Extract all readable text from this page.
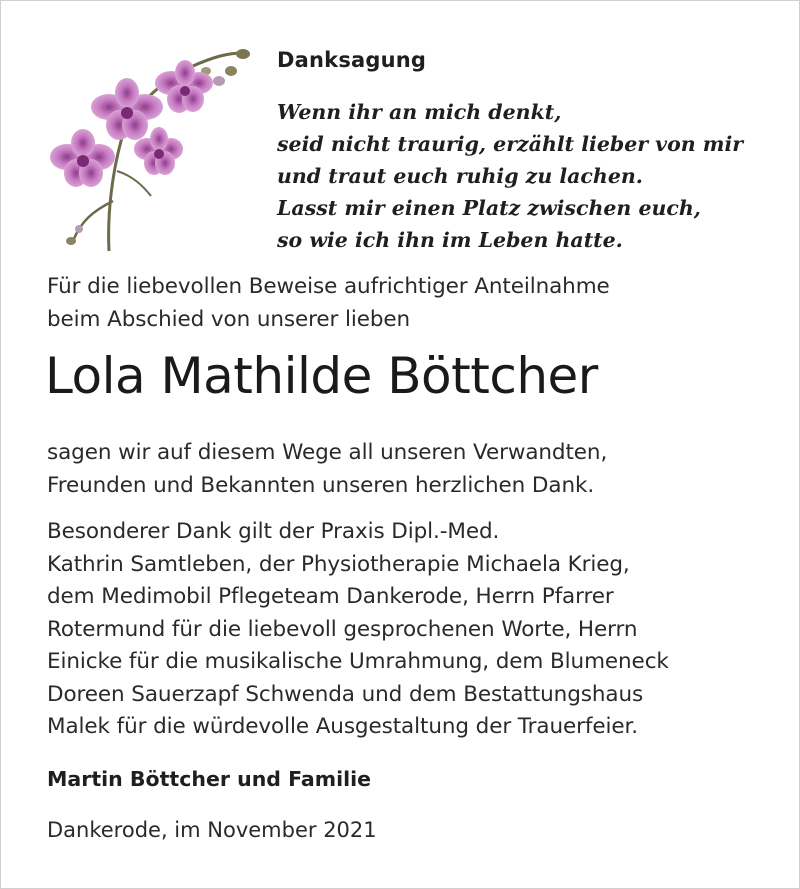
Danksagung
Wenn ihr an mich denkt,
seid nicht traurig, erzählt lieber von mir
und traut euch ruhig zu lachen.
Lasst mir einen Platz zwischen euch,
so wie ich ihn im Leben hatte.
Für die liebevollen Beweise aufrichtiger Anteilnahme
beim Abschied von unserer lieben
Lola Mathilde Böttcher
sagen wir auf diesem Wege all unseren Verwandten,
Freunden und Bekannten unseren herzlichen Dank.
Besonderer Dank gilt der Praxis Dipl.-Med.
Kathrin Samtleben, der Physiotherapie Michaela Krieg,
dem Medimobil Pflegeteam Dankerode, Herrn Pfarrer
Rotermund für die liebevoll gesprochenen Worte, Herrn
Einicke für die musikalische Umrahmung, dem Blumeneck
Doreen Sauerzapf Schwenda und dem Bestattungshaus
Malek für die würdevolle Ausgestaltung der Trauerfeier.
Martin Böttcher und Familie
Dankerode, im November 2021
